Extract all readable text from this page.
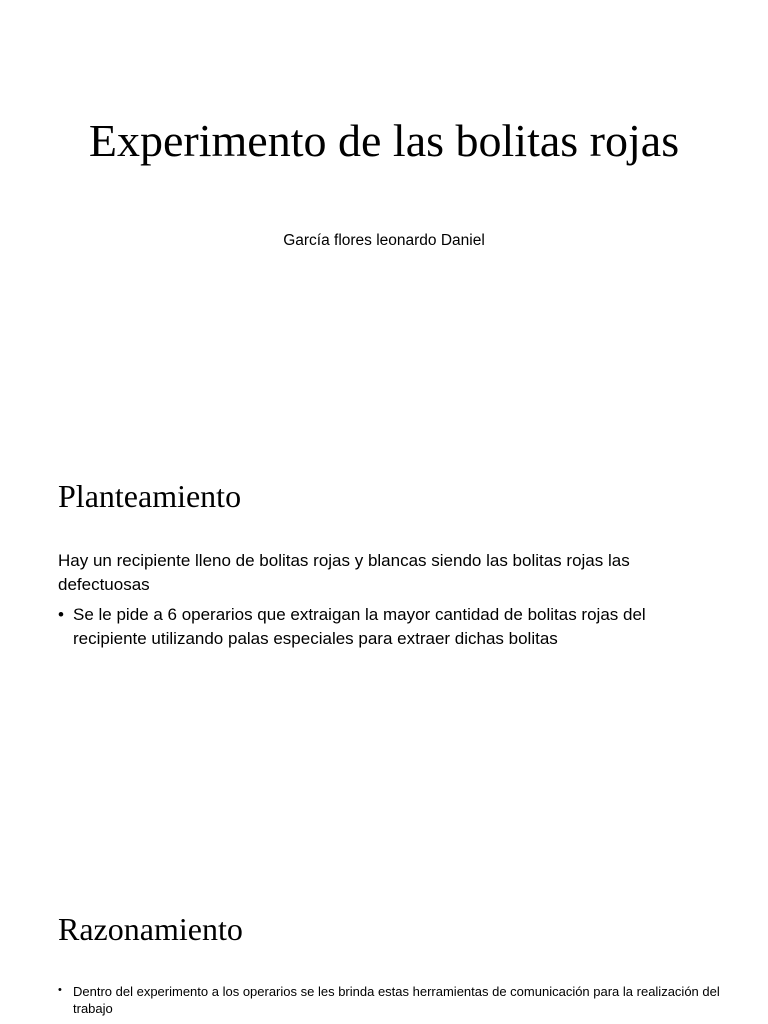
Experimento de las bolitas rojas
García flores leonardo Daniel
Planteamiento

Hay un recipiente lleno de bolitas rojas y blancas siendo las bolitas rojas las defectuosas

• Se le pide a 6 operarios que extraigan la mayor cantidad de bolitas rojas del recipiente utilizando palas especiales para extraer dichas bolitas

Razonamiento

• Dentro del experimento a los operarios se les brinda estas herramientas de comunicación para la realización del trabajo
